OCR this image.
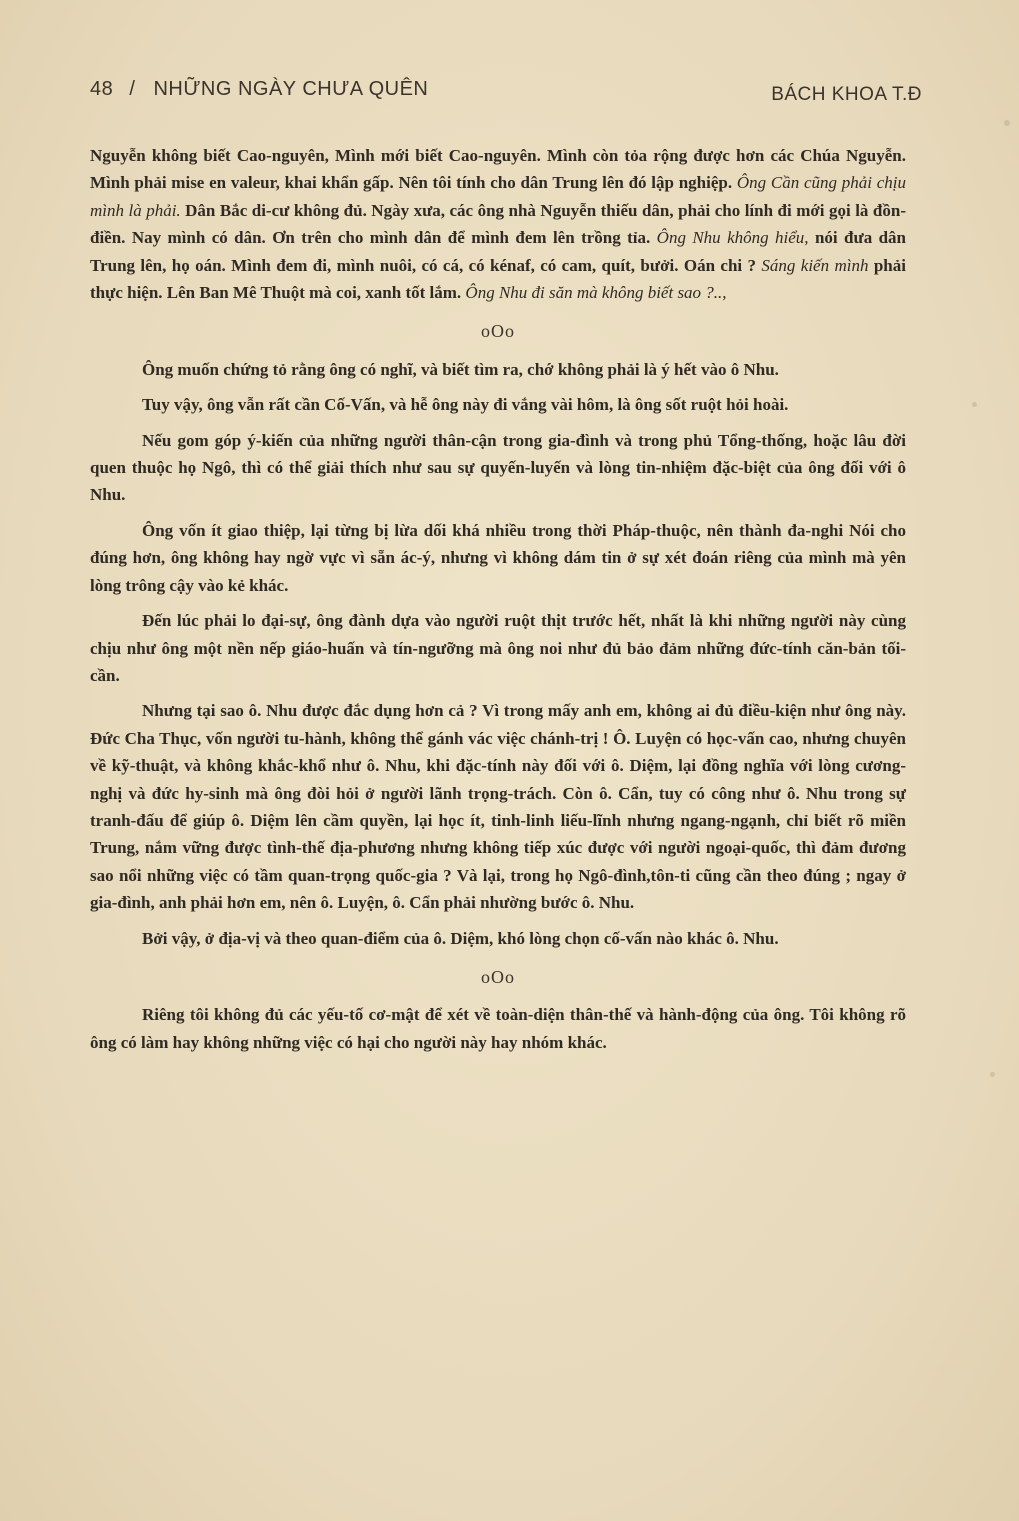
48 / NHỮNG NGÀY CHƯA QUÊN	BÁCH KHOA T.Đ

Nguyễn không biết Cao-nguyên, Mình mới biết Cao-nguyên. Mình còn tỏa rộng được hơn các Chúa Nguyễn. Mình phải mise en valeur, khai khẩn gấp. Nên tôi tính cho dân Trung lên đó lập nghiệp. Ông Cần cũng phải chịu mình là phải. Dân Bắc di-cư không đủ. Ngày xưa, các ông nhà Nguyễn thiếu dân, phải cho lính đi mới gọi là đồn-điền. Nay mình có dân. Ơn trên cho mình dân để mình đem lên trồng tỉa. Ông Nhu không hiểu, nói đưa dân Trung lên, họ oán. Mình đem đi, mình nuôi, có cá, có kénaf, có cam, quít, bưởi. Oán chi ? Sáng kiến mình phải thực hiện. Lên Ban Mê Thuột mà coi, xanh tốt lắm. Ông Nhu đi săn mà không biết sao ?..,

oOo

Ông muốn chứng tỏ rằng ông có nghĩ, và biết tìm ra, chớ không phải là ý hết vào ô Nhu.

Tuy vậy, ông vẫn rất cần Cố-Vấn, và hễ ông này đi vắng vài hôm, là ông sốt ruột hỏi hoài.

Nếu gom góp ý-kiến của những người thân-cận trong gia-đình và trong phủ Tổng-thống, hoặc lâu đời quen thuộc họ Ngô, thì có thể giải thích như sau sự quyến-luyến và lòng tin-nhiệm đặc-biệt của ông đối với ô Nhu.

Ông vốn ít giao thiệp, lại từng bị lừa dối khá nhiều trong thời Pháp-thuộc, nên thành đa-nghi Nói cho đúng hơn, ông không hay ngờ vực vì sẵn ác-ý, nhưng vì không dám tin ở sự xét đoán riêng của mình mà yên lòng trông cậy vào kẻ khác.

Đến lúc phải lo đại-sự, ông đành dựa vào người ruột thịt trước hết, nhất là khi những người này cùng chịu như ông một nền nếp giáo-huấn và tín-ngưỡng mà ông noi như đủ bảo đảm những đức-tính căn-bản tối-cần.

Nhưng tại sao ô. Nhu được đắc dụng hơn cả ? Vì trong mấy anh em, không ai đủ điều-kiện như ông này. Đức Cha Thục, vốn người tu-hành, không thể gánh vác việc chánh-trị ! Ô. Luyện có học-vấn cao, nhưng chuyên về kỹ-thuật, và không khắc-khổ như ô. Nhu, khi đặc-tính này đối với ô. Diệm, lại đồng nghĩa với lòng cương-nghị và đức hy-sinh mà ông đòi hỏi ở người lãnh trọng-trách. Còn ô. Cẩn, tuy có công như ô. Nhu trong sự tranh-đấu để giúp ô. Diệm lên cầm quyền, lại học ít, tinh-linh liếu-lĩnh nhưng ngang-ngạnh, chỉ biết rõ miền Trung, nắm vững được tình-thế địa-phương nhưng không tiếp xúc được với người ngoại-quốc, thì đảm đương sao nổi những việc có tầm quan-trọng quốc-gia ? Và lại, trong họ Ngô-đình,tôn-ti cũng cần theo đúng ; ngay ở gia-đình, anh phải hơn em, nên ô. Luyện, ô. Cẩn phải nhường bước ô. Nhu.

Bởi vậy, ở địa-vị và theo quan-điểm của ô. Diệm, khó lòng chọn cố-vấn nào khác ô. Nhu.

oOo

Riêng tôi không đủ các yếu-tố cơ-mật để xét về toàn-diện thân-thế và hành-động của ông. Tôi không rõ ông có làm hay không những việc có hại cho người này hay nhóm khác.
